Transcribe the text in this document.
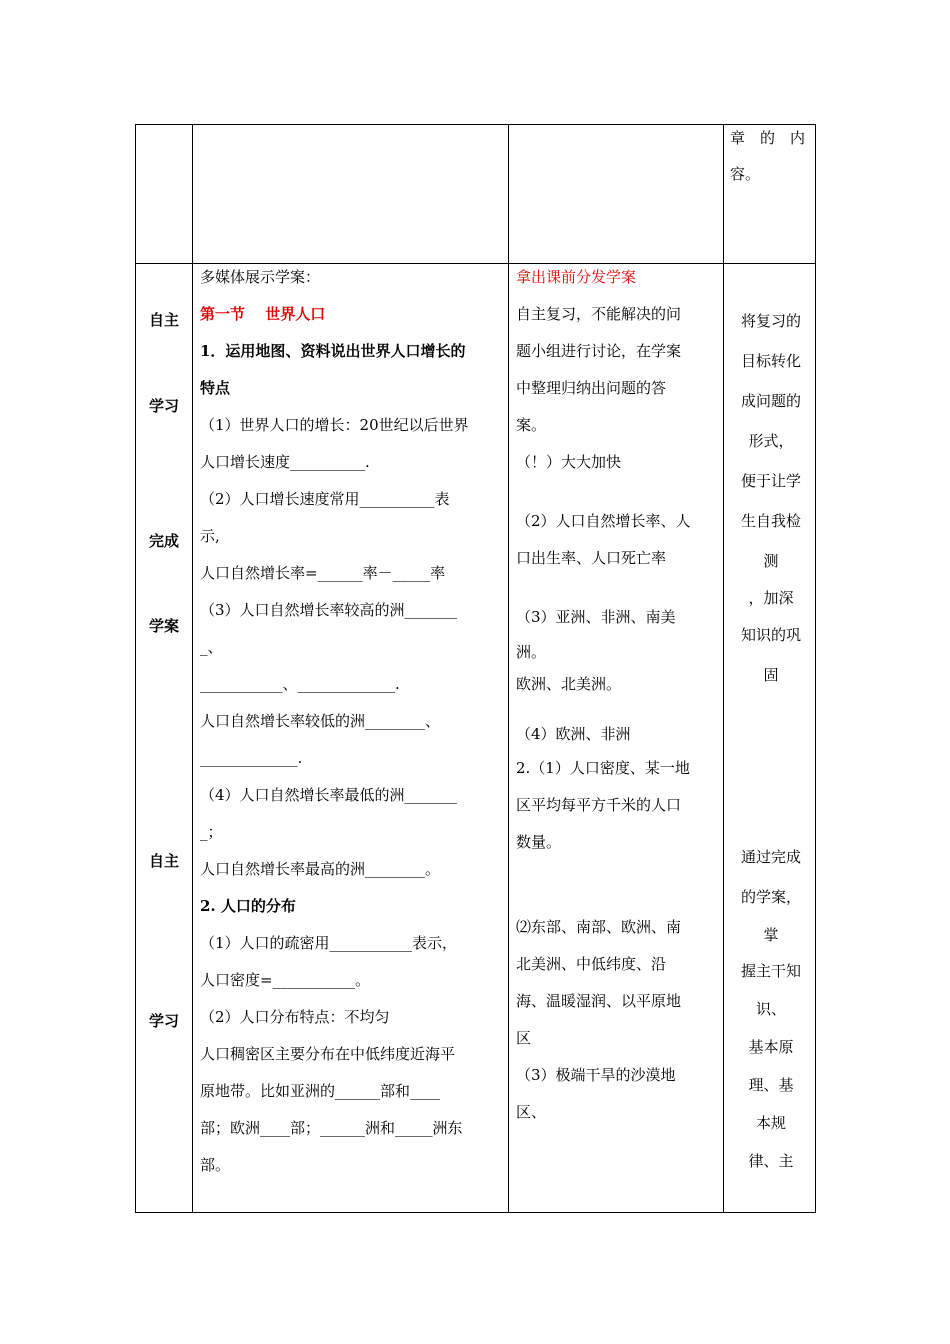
章　的　内
容。
自主
学习
完成
学案
自主
学习
多媒体展示学案：
第一节　 世界人口
1．运用地图、资料说出世界人口增长的
特点
（1）世界人口的增长：20世纪以后世界
人口增长速度__________.
（2）人口增长速度常用__________表
示,
人口自然增长率=______率－_____率
（3）人口自然增长率较高的洲_______
_、
___________、_____________.
人口自然增长率较低的洲________、
_____________.
（4）人口自然增长率最低的洲_______
_；
人口自然增长率最高的洲________。
2. 人口的分布
（1）人口的疏密用___________表示，
人口密度=___________。
（2）人口分布特点：不均匀
人口稠密区主要分布在中低纬度近海平
原地带。比如亚洲的______部和____
部；欧洲____部；______洲和_____洲东
部。
拿出课前分发学案
自主复习，不能解决的问
题小组进行讨论，在学案
中整理归纳出问题的答
案。
（！）大大加快
（2）人口自然增长率、人
口出生率、人口死亡率
（3）亚洲、非洲、南美
洲。
欧洲、北美洲。
（4）欧洲、非洲
2.（1）人口密度、某一地
区平均每平方千米的人口
数量。
⑵东部、南部、欧洲、南
北美洲、中低纬度、沿
海、温暖湿润、以平原地
区
（3）极端干旱的沙漠地
区、
将复习的
目标转化
成问题的
形式，
便于让学
生自我检
测
，加深
知识的巩
固
通过完成
的学案，
掌
握主干知
识、
基本原
理、基
本规
律、主
